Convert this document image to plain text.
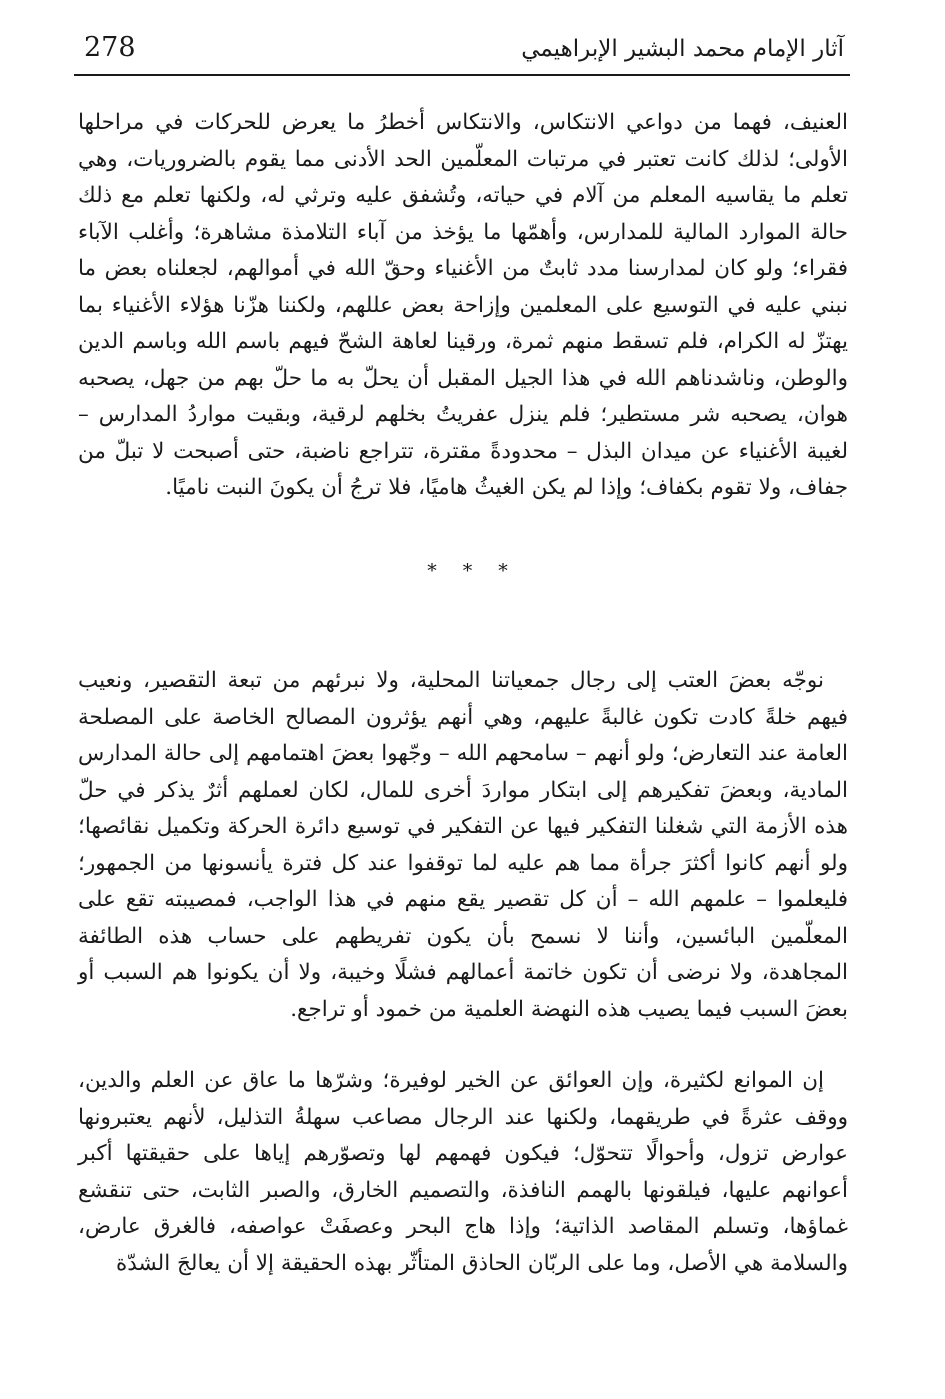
278	آثار الإمام محمد البشير الإبراهيمي

العنيف، فهما من دواعي الانتكاس، والانتكاس أخطرُ ما يعرض للحركات في مراحلها الأولى؛ لذلك كانت تعتبر في مرتبات المعلّمين الحد الأدنى مما يقوم بالضروريات، وهي تعلم ما يقاسيه المعلم من آلام في حياته، وتُشفق عليه وترثي له، ولكنها تعلم مع ذلك حالة الموارد المالية للمدارس، وأهمّها ما يؤخذ من آباء التلامذة مشاهرة؛ وأغلب الآباء فقراء؛ ولو كان لمدارسنا مدد ثابتٌ من الأغنياء وحقّ الله في أموالهم، لجعلناه بعض ما نبني عليه في التوسيع على المعلمين وإزاحة بعض عللهم، ولكننا هزّنا هؤلاء الأغنياء بما يهتزّ له الكرام، فلم تسقط منهم ثمرة، ورقينا لعاهة الشحّ فيهم باسم الله وباسم الدين والوطن، وناشدناهم الله في هذا الجيل المقبل أن يحلّ به ما حلّ بهم من جهل، يصحبه هوان، يصحبه شر مستطير؛ فلم ينزل عفريتُ بخلهم لرقية، وبقيت مواردُ المدارس – لغيبة الأغنياء عن ميدان البذل – محدودةً مقترة، تتراجع ناضبة، حتى أصبحت لا تبلّ من جفاف، ولا تقوم بكفاف؛ وإذا لم يكن الغيثُ هاميًا، فلا ترجُ أن يكونَ النبت ناميًا.

* * *

نوجّه بعضَ العتب إلى رجال جمعياتنا المحلية، ولا نبرئهم من تبعة التقصير، ونعيب فيهم خلةً كادت تكون غالبةً عليهم، وهي أنهم يؤثرون المصالح الخاصة على المصلحة العامة عند التعارض؛ ولو أنهم – سامحهم الله – وجّهوا بعضَ اهتمامهم إلى حالة المدارس المادية، وبعضَ تفكيرهم إلى ابتكار مواردَ أخرى للمال، لكان لعملهم أثرٌ يذكر في حلّ هذه الأزمة التي شغلنا التفكير فيها عن التفكير في توسيع دائرة الحركة وتكميل نقائصها؛ ولو أنهم كانوا أكثرَ جرأة مما هم عليه لما توقفوا عند كل فترة يأنسونها من الجمهور؛ فليعلموا – علمهم الله – أن كل تقصير يقع منهم في هذا الواجب، فمصيبته تقع على المعلّمين البائسين، وأننا لا نسمح بأن يكون تفريطهم على حساب هذه الطائفة المجاهدة، ولا نرضى أن تكون خاتمة أعمالهم فشلًا وخيبة، ولا أن يكونوا هم السبب أو بعضَ السبب فيما يصيب هذه النهضة العلمية من خمود أو تراجع.

إن الموانع لكثيرة، وإن العوائق عن الخير لوفيرة؛ وشرّها ما عاق عن العلم والدين، ووقف عثرةً في طريقهما، ولكنها عند الرجال مصاعب سهلةُ التذليل، لأنهم يعتبرونها عوارض تزول، وأحوالًا تتحوّل؛ فيكون فهمهم لها وتصوّرهم إياها على حقيقتها أكبر أعوانهم عليها، فيلقونها بالهمم النافذة، والتصميم الخارق، والصبر الثابت، حتى تنقشع غماؤها، وتسلم المقاصد الذاتية؛ وإذا هاج البحر وعصفَتْ عواصفه، فالغرق عارض، والسلامة هي الأصل، وما على الربّان الحاذق المتأثّر بهذه الحقيقة إلا أن يعالجَ الشدّة
